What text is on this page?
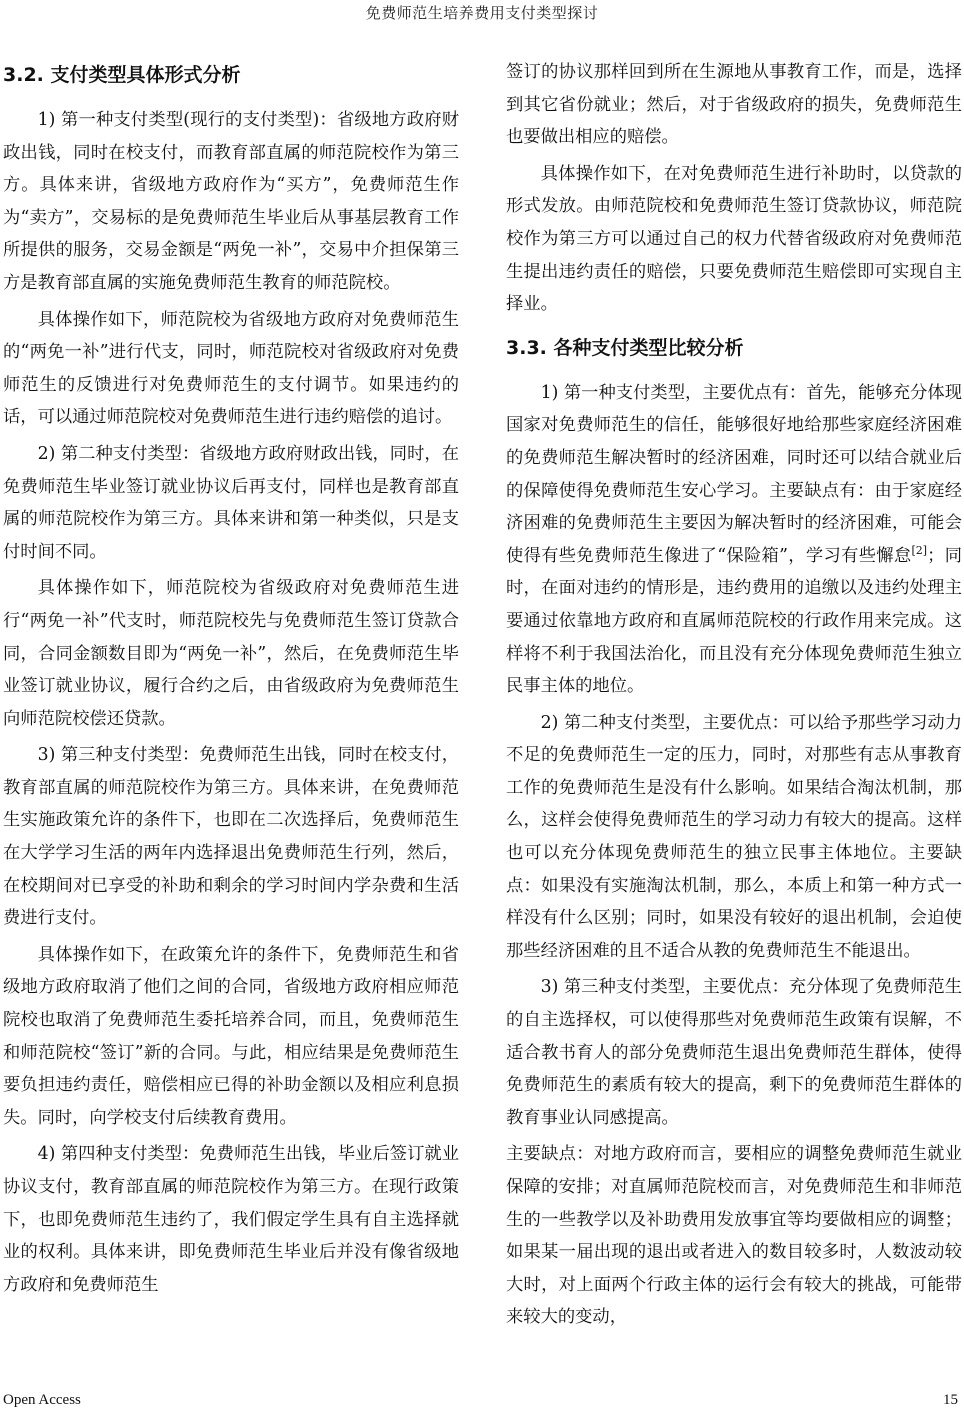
免费师范生培养费用支付类型探讨
3.2. 支付类型具体形式分析

1) 第一种支付类型(现行的支付类型)：省级地方政府财政出钱，同时在校支付，而教育部直属的师范院校作为第三方。具体来讲，省级地方政府作为“买方”，免费师范生作为“卖方”，交易标的是免费师范生毕业后从事基层教育工作所提供的服务，交易金额是“两免一补”，交易中介担保第三方是教育部直属的实施免费师范生教育的师范院校。

具体操作如下，师范院校为省级地方政府对免费师范生的“两免一补”进行代支，同时，师范院校对省级政府对免费师范生的反馈进行对免费师范生的支付调节。如果违约的话，可以通过师范院校对免费师范生进行违约赔偿的追讨。

2) 第二种支付类型：省级地方政府财政出钱，同时，在免费师范生毕业签订就业协议后再支付，同样也是教育部直属的师范院校作为第三方。具体来讲和第一种类似，只是支付时间不同。

具体操作如下，师范院校为省级政府对免费师范生进行“两免一补”代支时，师范院校先与免费师范生签订贷款合同，合同金额数目即为“两免一补”，然后，在免费师范生毕业签订就业协议，履行合约之后，由省级政府为免费师范生向师范院校偿还贷款。

3) 第三种支付类型：免费师范生出钱，同时在校支付，教育部直属的师范院校作为第三方。具体来讲，在免费师范生实施政策允许的条件下，也即在二次选择后，免费师范生在大学学习生活的两年内选择退出免费师范生行列，然后，在校期间对已享受的补助和剩余的学习时间内学杂费和生活费进行支付。

具体操作如下，在政策允许的条件下，免费师范生和省级地方政府取消了他们之间的合同，省级地方政府相应师范院校也取消了免费师范生委托培养合同，而且，免费师范生和师范院校“签订”新的合同。与此，相应结果是免费师范生要负担违约责任，赔偿相应已得的补助金额以及相应利息损失。同时，向学校支付后续教育费用。

4) 第四种支付类型：免费师范生出钱，毕业后签订就业协议支付，教育部直属的师范院校作为第三方。在现行政策下，也即免费师范生违约了，我们假定学生具有自主选择就业的权利。具体来讲，即免费师范生毕业后并没有像省级地方政府和免费师范生

签订的协议那样回到所在生源地从事教育工作，而是，选择到其它省份就业；然后，对于省级政府的损失，免费师范生也要做出相应的赔偿。

具体操作如下，在对免费师范生进行补助时，以贷款的形式发放。由师范院校和免费师范生签订贷款协议，师范院校作为第三方可以通过自己的权力代替省级政府对免费师范生提出违约责任的赔偿，只要免费师范生赔偿即可实现自主择业。

3.3. 各种支付类型比较分析

1) 第一种支付类型，主要优点有：首先，能够充分体现国家对免费师范生的信任，能够很好地给那些家庭经济困难的免费师范生解决暂时的经济困难，同时还可以结合就业后的保障使得免费师范生安心学习。主要缺点有：由于家庭经济困难的免费师范生主要因为解决暂时的经济困难，可能会使得有些免费师范生像进了“保险箱”，学习有些懈怠[2]；同时，在面对违约的情形是，违约费用的追缴以及违约处理主要通过依靠地方政府和直属师范院校的行政作用来完成。这样将不利于我国法治化，而且没有充分体现免费师范生独立民事主体的地位。

2) 第二种支付类型，主要优点：可以给予那些学习动力不足的免费师范生一定的压力，同时，对那些有志从事教育工作的免费师范生是没有什么影响。如果结合淘汰机制，那么，这样会使得免费师范生的学习动力有较大的提高。这样也可以充分体现免费师范生的独立民事主体地位。主要缺点：如果没有实施淘汰机制，那么，本质上和第一种方式一样没有什么区别；同时，如果没有较好的退出机制，会迫使那些经济困难的且不适合从教的免费师范生不能退出。

3) 第三种支付类型，主要优点：充分体现了免费师范生的自主选择权，可以使得那些对免费师范生政策有误解，不适合教书育人的部分免费师范生退出免费师范生群体，使得免费师范生的素质有较大的提高，剩下的免费师范生群体的教育事业认同感提高。

主要缺点：对地方政府而言，要相应的调整免费师范生就业保障的安排；对直属师范院校而言，对免费师范生和非师范生的一些教学以及补助费用发放事宜等均要做相应的调整；如果某一届出现的退出或者进入的数目较多时，人数波动较大时，对上面两个行政主体的运行会有较大的挑战，可能带来较大的变动，

Open Access	15
